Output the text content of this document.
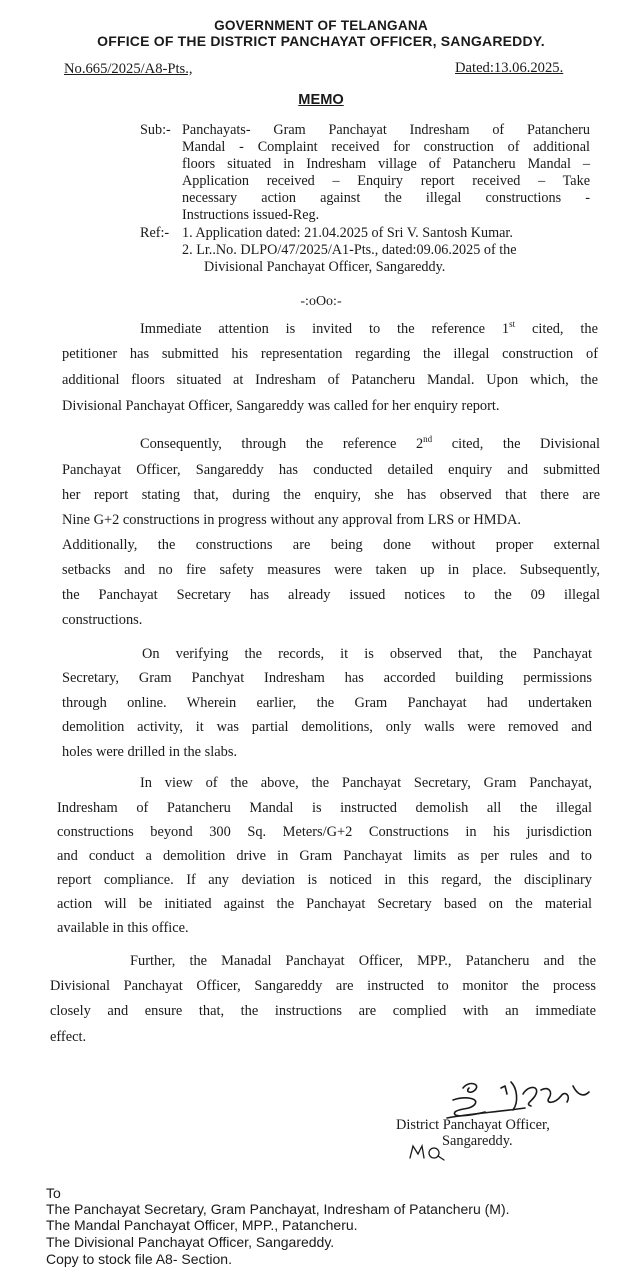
GOVERNMENT OF TELANGANA
OFFICE OF THE DISTRICT PANCHAYAT OFFICER, SANGAREDDY.
No.665/2025/A8-Pts.,	Dated:13.06.2025.
MEMO
Sub:- Panchayats- Gram Panchayat Indresham of Patancheru
Mandal - Complaint received for construction of additional
floors situated in Indresham village of Patancheru Mandal –
Application received – Enquiry report received – Take
necessary action against the illegal constructions -
Instructions issued-Reg.
Ref:- 1. Application dated: 21.04.2025 of Sri V. Santosh Kumar.
2. Lr..No. DLPO/47/2025/A1-Pts., dated:09.06.2025 of the
Divisional Panchayat Officer, Sangareddy.
-:oOo:-
Immediate attention is invited to the reference 1st cited, the
petitioner has submitted his representation regarding the illegal construction of
additional floors situated at Indresham of Patancheru Mandal. Upon which, the
Divisional Panchayat Officer, Sangareddy was called for her enquiry report.
Consequently, through the reference 2nd cited, the Divisional
Panchayat Officer, Sangareddy has conducted detailed enquiry and submitted
her report stating that, during the enquiry, she has observed that there are
Nine G+2 constructions in progress without any approval from LRS or HMDA.
Additionally, the constructions are being done without proper external
setbacks and no fire safety measures were taken up in place. Subsequently,
the Panchayat Secretary has already issued notices to the 09 illegal
constructions.
On verifying the records, it is observed that, the Panchayat
Secretary, Gram Panchyat Indresham has accorded building permissions
through online. Wherein earlier, the Gram Panchayat had undertaken
demolition activity, it was partial demolitions, only walls were removed and
holes were drilled in the slabs.
In view of the above, the Panchayat Secretary, Gram Panchayat,
Indresham of Patancheru Mandal is instructed demolish all the illegal
constructions beyond 300 Sq. Meters/G+2 Constructions in his jurisdiction
and conduct a demolition drive in Gram Panchayat limits as per rules and to
report compliance. If any deviation is noticed in this regard, the disciplinary
action will be initiated against the Panchayat Secretary based on the material
available in this office.
Further, the Manadal Panchayat Officer, MPP., Patancheru and the
Divisional Panchayat Officer, Sangareddy are instructed to monitor the process
closely and ensure that, the instructions are complied with an immediate
effect.
13/6/25
District Panchayat Officer,
Sangareddy.
To
The Panchayat Secretary, Gram Panchayat, Indresham of Patancheru (M).
The Mandal Panchayat Officer, MPP., Patancheru.
The Divisional Panchayat Officer, Sangareddy.
Copy to stock file A8- Section.
